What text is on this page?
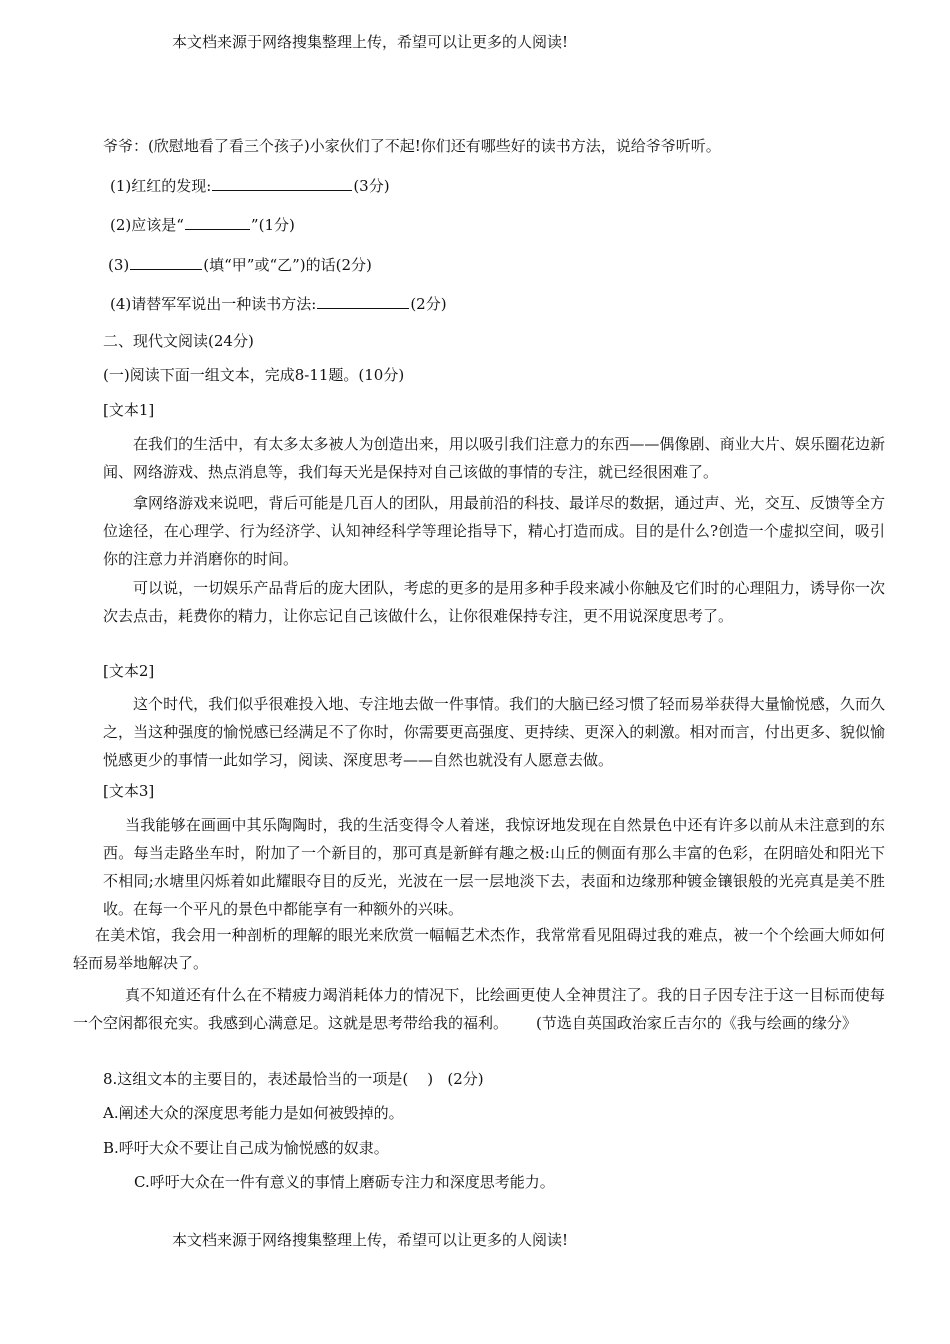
本文档来源于网络搜集整理上传，希望可以让更多的人阅读!
爷爷：(欣慰地看了看三个孩子)小家伙们了不起!你们还有哪些好的读书方法，说给爷爷听听。
(1)红红的发现:	(3分)
(2)应该是“	”(1分)
(3)	(填“甲”或“乙”)的话(2分)
(4)请替军军说出一种读书方法:	(2分)
二、现代文阅读(24分)
(一)阅读下面一组文本，完成8-11题。(10分)
[文本1]
在我们的生活中，有太多太多被人为创造出来，用以吸引我们注意力的东西——偶像剧、商业大片、娱乐圈花边新闻、网络游戏、热点消息等，我们每天光是保持对自己该做的事情的专注，就已经很困难了。
拿网络游戏来说吧，背后可能是几百人的团队，用最前沿的科技、最详尽的数据，通过声、光，交互、反馈等全方位途径，在心理学、行为经济学、认知神经科学等理论指导下，精心打造而成。目的是什么?创造一个虚拟空间，吸引你的注意力并消磨你的时间。
可以说，一切娱乐产品背后的庞大团队，考虑的更多的是用多种手段来减小你触及它们时的心理阻力，诱导你一次次去点击，耗费你的精力，让你忘记自己该做什么，让你很难保持专注，更不用说深度思考了。
[文本2]
这个时代，我们似乎很难投入地、专注地去做一件事情。我们的大脑已经习惯了轻而易举获得大量愉悦感，久而久之，当这种强度的愉悦感已经满足不了你时，你需要更高强度、更持续、更深入的刺激。相对而言，付出更多、貌似愉悦感更少的事情一此如学习，阅读、深度思考——自然也就没有人愿意去做。
[文本3]
当我能够在画画中其乐陶陶时，我的生活变得令人着迷，我惊讶地发现在自然景色中还有许多以前从未注意到的东西。每当走路坐车时，附加了一个新目的，那可真是新鲜有趣之极:山丘的侧面有那么丰富的色彩，在阴暗处和阳光下不相同;水塘里闪烁着如此耀眼夺目的反光，光波在一层一层地淡下去，表面和边缘那种镀金镶银般的光亮真是美不胜收。在每一个平凡的景色中都能享有一种额外的兴味。
在美术馆，我会用一种剖析的理解的眼光来欣赏一幅幅艺术杰作，我常常看见阻碍过我的难点，被一个个绘画大师如何轻而易举地解决了。
真不知道还有什么在不精疲力竭消耗体力的情况下，比绘画更使人全神贯注了。我的日子因专注于这一目标而使每一个空闲都很充实。我感到心满意足。这就是思考带给我的福利。 (节选自英国政治家丘吉尔的《我与绘画的缘分》
8.这组文本的主要目的，表述最恰当的一项是(    )   (2分)
A.阐述大众的深度思考能力是如何被毁掉的。
B.呼吁大众不要让自己成为愉悦感的奴隶。
C.呼吁大众在一件有意义的事情上磨砺专注力和深度思考能力。
本文档来源于网络搜集整理上传，希望可以让更多的人阅读!
